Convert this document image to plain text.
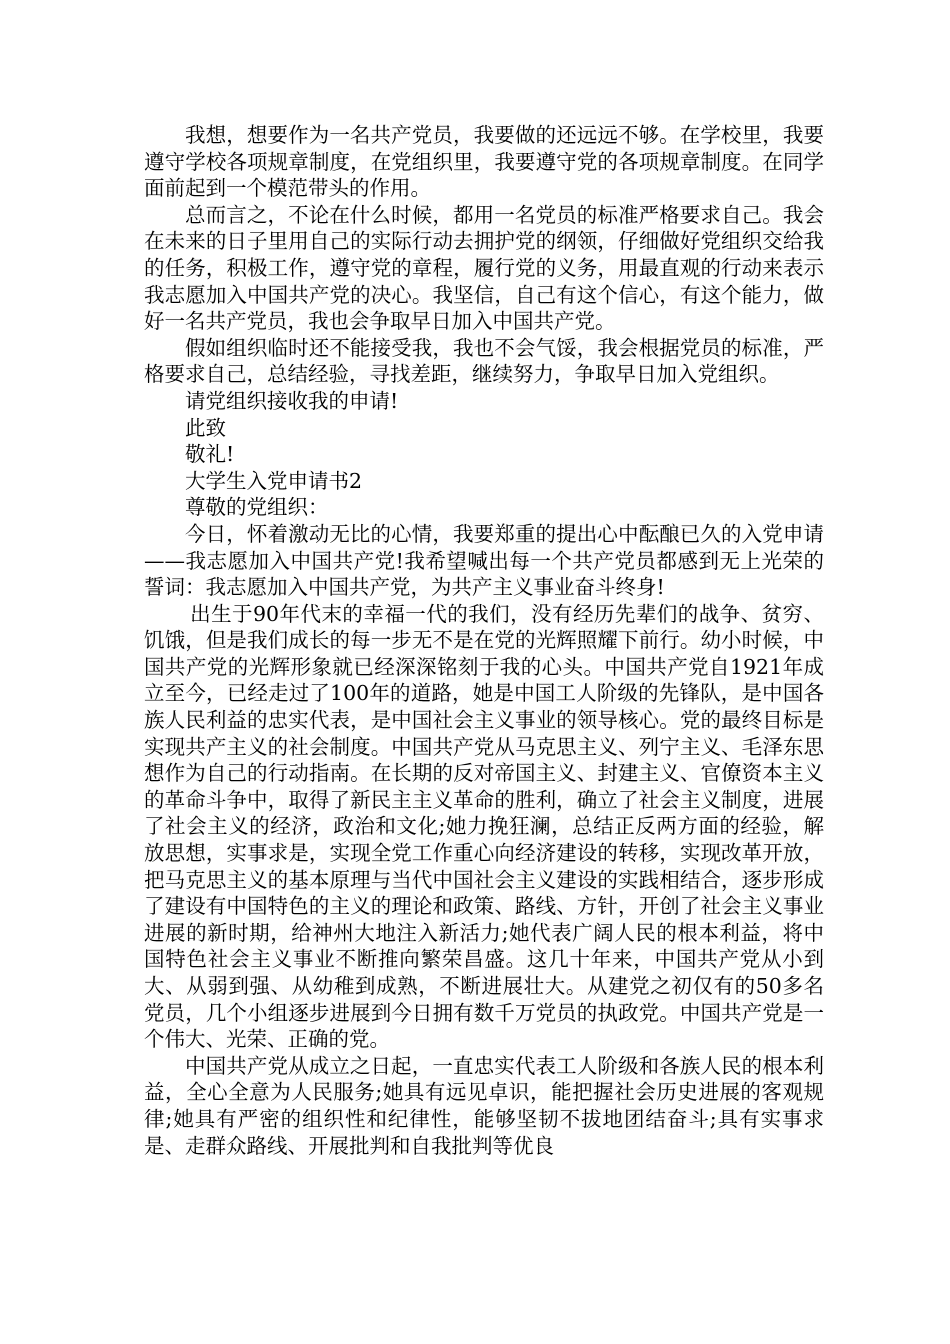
我想，想要作为一名共产党员，我要做的还远远不够。在学校里，我要遵守学校各项规章制度，在党组织里，我要遵守党的各项规章制度。在同学面前起到一个模范带头的作用。

总而言之，不论在什么时候，都用一名党员的标准严格要求自己。我会在未来的日子里用自己的实际行动去拥护党的纲领，仔细做好党组织交给我的任务，积极工作，遵守党的章程，履行党的义务，用最直观的行动来表示我志愿加入中国共产党的决心。我坚信，自己有这个信心，有这个能力，做好一名共产党员，我也会争取早日加入中国共产党。

假如组织临时还不能接受我，我也不会气馁，我会根据党员的标准，严格要求自己，总结经验，寻找差距，继续努力，争取早日加入党组织。

请党组织接收我的申请!

此致

敬礼!

大学生入党申请书2

尊敬的党组织：

今日，怀着激动无比的心情，我要郑重的提出心中酝酿已久的入党申请——我志愿加入中国共产党!我希望喊出每一个共产党员都感到无上光荣的誓词：我志愿加入中国共产党，为共产主义事业奋斗终身!

出生于90年代末的幸福一代的我们，没有经历先辈们的战争、贫穷、饥饿，但是我们成长的每一步无不是在党的光辉照耀下前行。幼小时候，中国共产党的光辉形象就已经深深铭刻于我的心头。中国共产党自1921年成立至今，已经走过了100年的道路，她是中国工人阶级的先锋队，是中国各族人民利益的忠实代表，是中国社会主义事业的领导核心。党的最终目标是实现共产主义的社会制度。中国共产党从马克思主义、列宁主义、毛泽东思想作为自己的行动指南。在长期的反对帝国主义、封建主义、官僚资本主义的革命斗争中，取得了新民主主义革命的胜利，确立了社会主义制度，进展了社会主义的经济，政治和文化;她力挽狂澜，总结正反两方面的经验，解放思想，实事求是，实现全党工作重心向经济建设的转移，实现改革开放，把马克思主义的基本原理与当代中国社会主义建设的实践相结合，逐步形成了建设有中国特色的主义的理论和政策、路线、方针，开创了社会主义事业进展的新时期，给神州大地注入新活力;她代表广阔人民的根本利益，将中国特色社会主义事业不断推向繁荣昌盛。这几十年来，中国共产党从小到大、从弱到强、从幼稚到成熟，不断进展壮大。从建党之初仅有的50多名党员，几个小组逐步进展到今日拥有数千万党员的执政党。中国共产党是一个伟大、光荣、正确的党。

中国共产党从成立之日起，一直忠实代表工人阶级和各族人民的根本利益，全心全意为人民服务;她具有远见卓识，能把握社会历史进展的客观规律;她具有严密的组织性和纪律性，能够坚韧不拔地团结奋斗;具有实事求是、走群众路线、开展批判和自我批判等优良
